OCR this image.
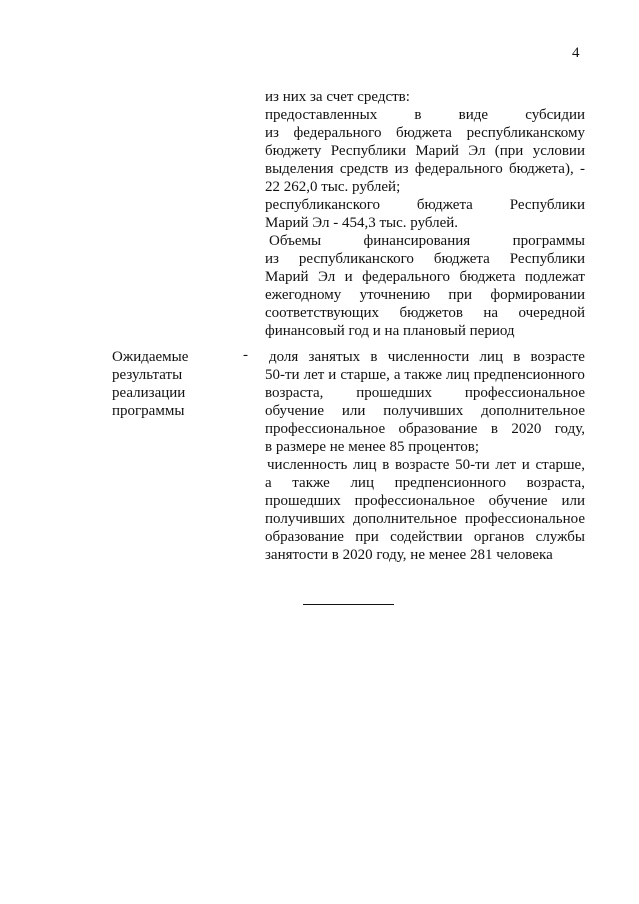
4
из них за счет средств:
предоставленных в виде субсидии
из федерального бюджета республиканскому
бюджету Республики Марий Эл (при условии
выделения средств из федерального бюджета), -
22 262,0 тыс. рублей;
республиканского бюджета Республики
Марий Эл - 454,3 тыс. рублей.
Объемы	финансирования	программы
из республиканского бюджета Республики
Марий Эл и федерального бюджета подлежат
ежегодному уточнению при формировании
соответствующих бюджетов на очередной
финансовый год и на плановый период
Ожидаемые
результаты
реализации
программы
- доля занятых в численности лиц в возрасте
50-ти лет и старше, а также лиц предпенсионного
возраста, прошедших профессиональное
обучение или получивших дополнительное
профессиональное образование в 2020 году,
в размере не менее 85 процентов;
численность лиц в возрасте 50-ти лет и старше,
а также лиц предпенсионного возраста,
прошедших профессиональное обучение или
получивших дополнительное профессиональное
образование при содействии органов службы
занятости в 2020 году, не менее 281 человека
